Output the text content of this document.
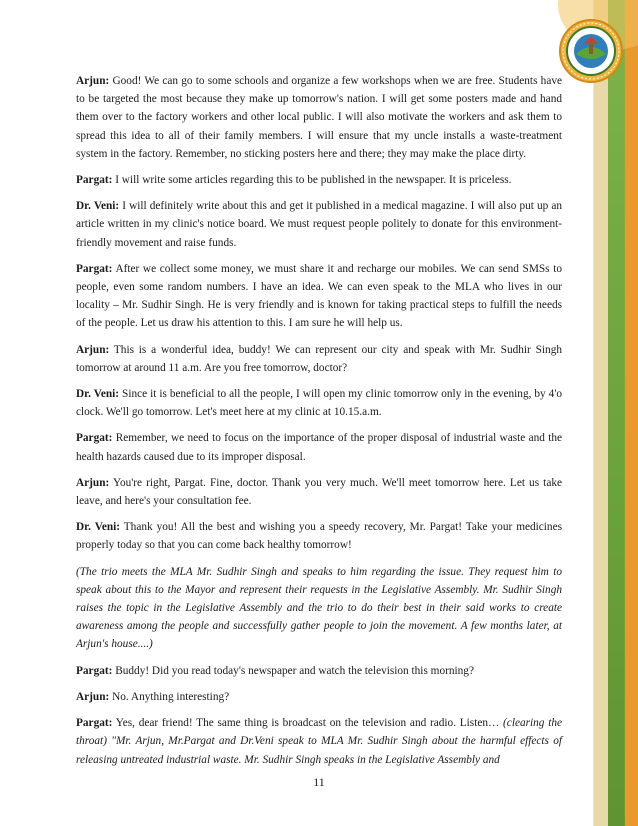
Arjun: Good! We can go to some schools and organize a few workshops when we are free. Students have to be targeted the most because they make up tomorrow's nation. I will get some posters made and hand them over to the factory workers and other local public. I will also motivate the workers and ask them to spread this idea to all of their family members. I will ensure that my uncle installs a waste-treatment system in the factory. Remember, no sticking posters here and there; they may make the place dirty.

Pargat: I will write some articles regarding this to be published in the newspaper. It is priceless.

Dr. Veni: I will definitely write about this and get it published in a medical magazine. I will also put up an article written in my clinic's notice board. We must request people politely to donate for this environment-friendly movement and raise funds.

Pargat: After we collect some money, we must share it and recharge our mobiles. We can send SMSs to people, even some random numbers. I have an idea. We can even speak to the MLA who lives in our locality – Mr. Sudhir Singh. He is very friendly and is known for taking practical steps to fulfill the needs of the people. Let us draw his attention to this. I am sure he will help us.

Arjun: This is a wonderful idea, buddy! We can represent our city and speak with Mr. Sudhir Singh tomorrow at around 11 a.m. Are you free tomorrow, doctor?

Dr. Veni: Since it is beneficial to all the people, I will open my clinic tomorrow only in the evening, by 4'o clock. We'll go tomorrow. Let's meet here at my clinic at 10.15.a.m.

Pargat: Remember, we need to focus on the importance of the proper disposal of industrial waste and the health hazards caused due to its improper disposal.

Arjun: You're right, Pargat. Fine, doctor. Thank you very much. We'll meet tomorrow here. Let us take leave, and here's your consultation fee.

Dr. Veni: Thank you! All the best and wishing you a speedy recovery, Mr. Pargat! Take your medicines properly today so that you can come back healthy tomorrow!

(The trio meets the MLA Mr. Sudhir Singh and speaks to him regarding the issue. They request him to speak about this to the Mayor and represent their requests in the Legislative Assembly. Mr. Sudhir Singh raises the topic in the Legislative Assembly and the trio to do their best in their said works to create awareness among the people and successfully gather people to join the movement. A few months later, at Arjun's house....)

Pargat: Buddy! Did you read today's newspaper and watch the television this morning?

Arjun: No. Anything interesting?

Pargat: Yes, dear friend! The same thing is broadcast on the television and radio. Listen… (clearing the throat) "Mr. Arjun, Mr.Pargat and Dr.Veni speak to MLA Mr. Sudhir Singh about the harmful effects of releasing untreated industrial waste. Mr. Sudhir Singh speaks in the Legislative Assembly and

11
